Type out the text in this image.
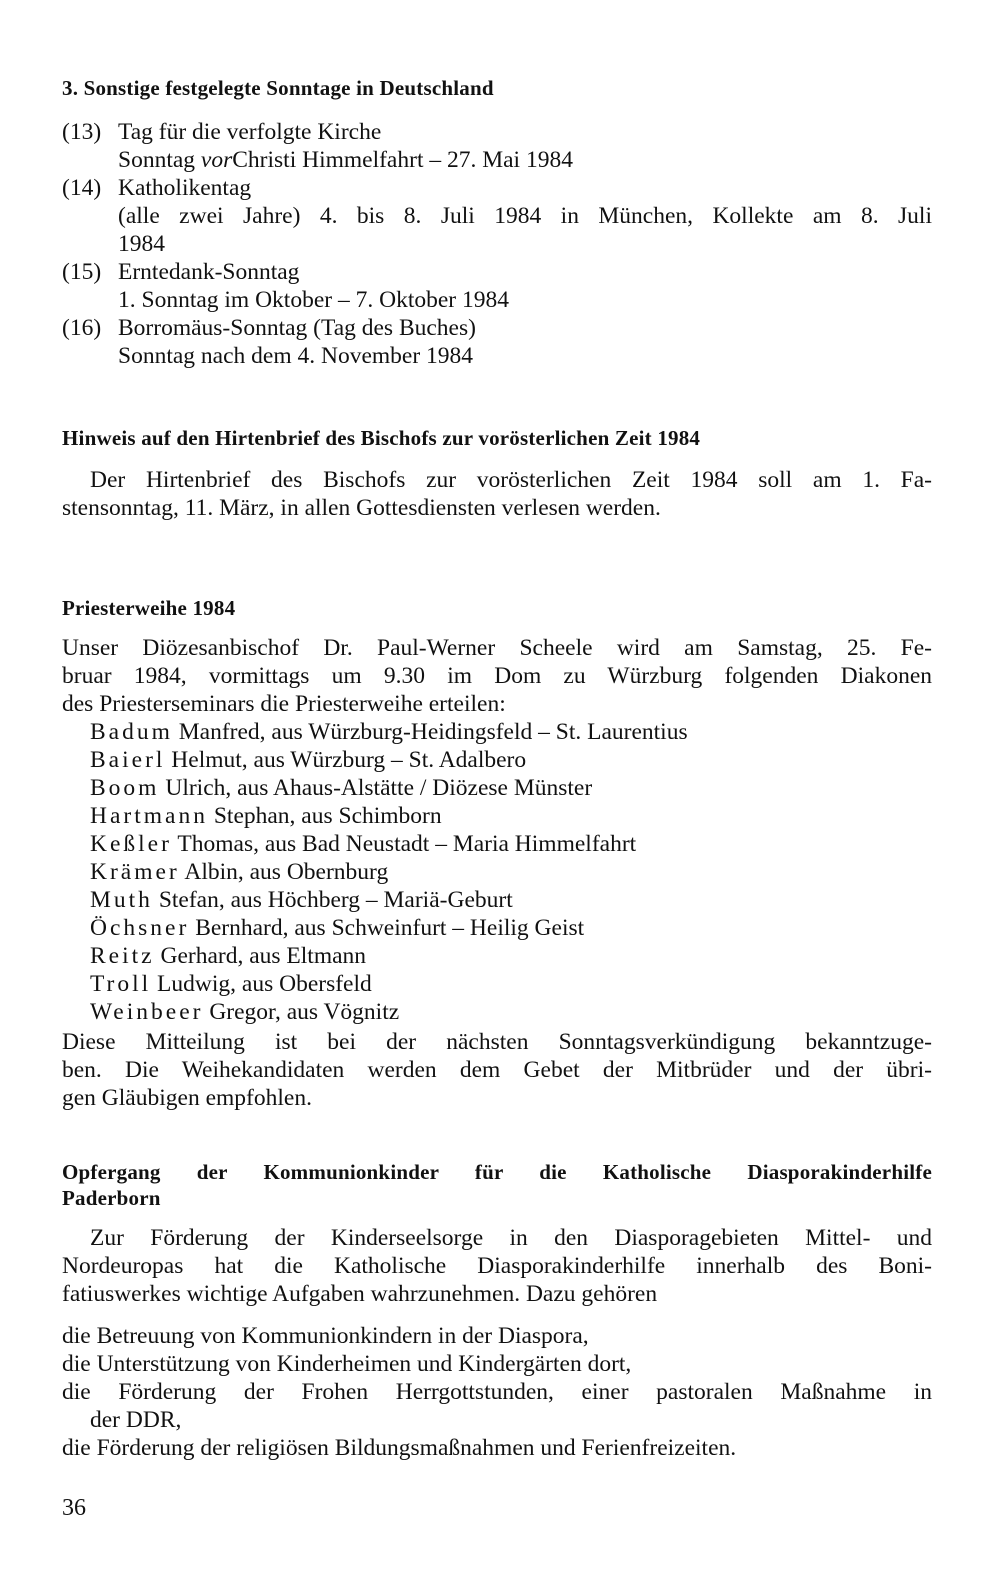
3. Sonstige festgelegte Sonntage in Deutschland
(13) Tag für die verfolgte Kirche
Sonntag vorChristi Himmelfahrt – 27. Mai 1984
(14) Katholikentag
(alle zwei Jahre) 4. bis 8. Juli 1984 in München, Kollekte am 8. Juli
1984
(15) Erntedank-Sonntag
1. Sonntag im Oktober – 7. Oktober 1984
(16) Borromäus-Sonntag (Tag des Buches)
Sonntag nach dem 4. November 1984
Hinweis auf den Hirtenbrief des Bischofs zur vorösterlichen Zeit 1984
Der Hirtenbrief des Bischofs zur vorösterlichen Zeit 1984 soll am 1. Fa-
stensonntag, 11. März, in allen Gottesdiensten verlesen werden.
Priesterweihe 1984
Unser Diözesanbischof Dr. Paul-Werner Scheele wird am Samstag, 25. Fe-
bruar 1984, vormittags um 9.30 im Dom zu Würzburg folgenden Diakonen
des Priesterseminars die Priesterweihe erteilen:
Badum Manfred, aus Würzburg-Heidingsfeld – St. Laurentius
Baierl Helmut, aus Würzburg – St. Adalbero
Boom Ulrich, aus Ahaus-Alstätte / Diözese Münster
Hartmann Stephan, aus Schimborn
Keßler Thomas, aus Bad Neustadt – Maria Himmelfahrt
Krämer Albin, aus Obernburg
Muth Stefan, aus Höchberg – Mariä-Geburt
Öchsner Bernhard, aus Schweinfurt – Heilig Geist
Reitz Gerhard, aus Eltmann
Troll Ludwig, aus Obersfeld
Weinbeer Gregor, aus Vögnitz
Diese Mitteilung ist bei der nächsten Sonntagsverkündigung bekanntzuge-
ben. Die Weihekandidaten werden dem Gebet der Mitbrüder und der übri-
gen Gläubigen empfohlen.
Opfergang der Kommunionkinder für die Katholische Diasporakinderhilfe
Paderborn
Zur Förderung der Kinderseelsorge in den Diasporagebieten Mittel- und
Nordeuropas hat die Katholische Diasporakinderhilfe innerhalb des Boni-
fatiuswerkes wichtige Aufgaben wahrzunehmen. Dazu gehören
die Betreuung von Kommunionkindern in der Diaspora,
die Unterstützung von Kinderheimen und Kindergärten dort,
die Förderung der Frohen Herrgottstunden, einer pastoralen Maßnahme in
der DDR,
die Förderung der religiösen Bildungsmaßnahmen und Ferienfreizeiten.
36
